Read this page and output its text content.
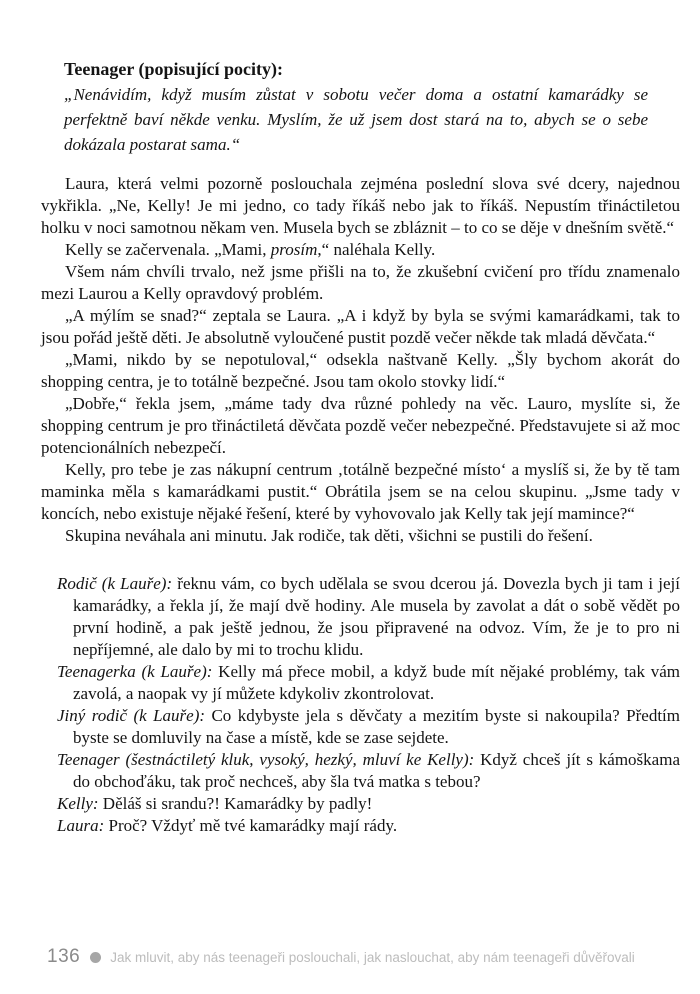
Teenager (popisující pocity):

„Nenávidím, když musím zůstat v sobotu večer doma a ostatní kamarádky se perfektně baví někde venku. Myslím, že už jsem dost stará na to, abych se o sebe dokázala postarat sama.“

Laura, která velmi pozorně poslouchala zejména poslední slova své dcery, najednou vykřikla. „Ne, Kelly! Je mi jedno, co tady říkáš nebo jak to říkáš. Nepustím třináctiletou holku v noci samotnou někam ven. Musela bych se zbláznit – to co se děje v dnešním světě.“

Kelly se začervenala. „Mami, prosím,“ naléhala Kelly.

Všem nám chvíli trvalo, než jsme přišli na to, že zkušební cvičení pro třídu znamenalo mezi Laurou a Kelly opravdový problém.

„A mýlím se snad?“ zeptala se Laura. „A i když by byla se svými kamarádkami, tak to jsou pořád ještě děti. Je absolutně vyloučené pustit pozdě večer někde tak mladá děvčata.“

„Mami, nikdo by se nepotuloval,“ odsekla naštvaně Kelly. „Šly bychom akorát do shopping centra, je to totálně bezpečné. Jsou tam okolo stovky lidí.“

„Dobře,“ řekla jsem, „máme tady dva různé pohledy na věc. Lauro, myslíte si, že shopping centrum je pro třináctiletá děvčata pozdě večer nebezpečné. Představujete si až moc potencionálních nebezpečí.

Kelly, pro tebe je zas nákupní centrum ‚totálně bezpečné místo‘ a myslíš si, že by tě tam maminka měla s kamarádkami pustit.“ Obrátila jsem se na celou skupinu. „Jsme tady v koncích, nebo existuje nějaké řešení, které by vyhovovalo jak Kelly tak její mamince?“

Skupina neváhala ani minutu. Jak rodiče, tak děti, všichni se pustili do řešení.

Rodič (k Lauře): řeknu vám, co bych udělala se svou dcerou já. Dovezla bych ji tam i její kamarádky, a řekla jí, že mají dvě hodiny. Ale musela by zavolat a dát o sobě vědět po první hodině, a pak ještě jednou, že jsou připravené na odvoz. Vím, že je to pro ni nepříjemné, ale dalo by mi to trochu klidu.

Teenagerka (k Lauře): Kelly má přece mobil, a když bude mít nějaké problémy, tak vám zavolá, a naopak vy jí můžete kdykoliv zkontrolovat.

Jiný rodič (k Lauře): Co kdybyste jela s děvčaty a mezitím byste si nakoupila? Předtím byste se domluvily na čase a místě, kde se zase sejdete.

Teenager (šestnáctiletý kluk, vysoký, hezký, mluví ke Kelly): Když chceš jít s kámoškama do obchoďáku, tak proč nechceš, aby šla tvá matka s tebou?

Kelly: Děláš si srandu?! Kamarádky by padly!

Laura: Proč? Vždyť mě tvé kamarádky mají rády.

136 Jak mluvit, aby nás teenageři poslouchali, jak naslouchat, aby nám teenageři důvěřovali
